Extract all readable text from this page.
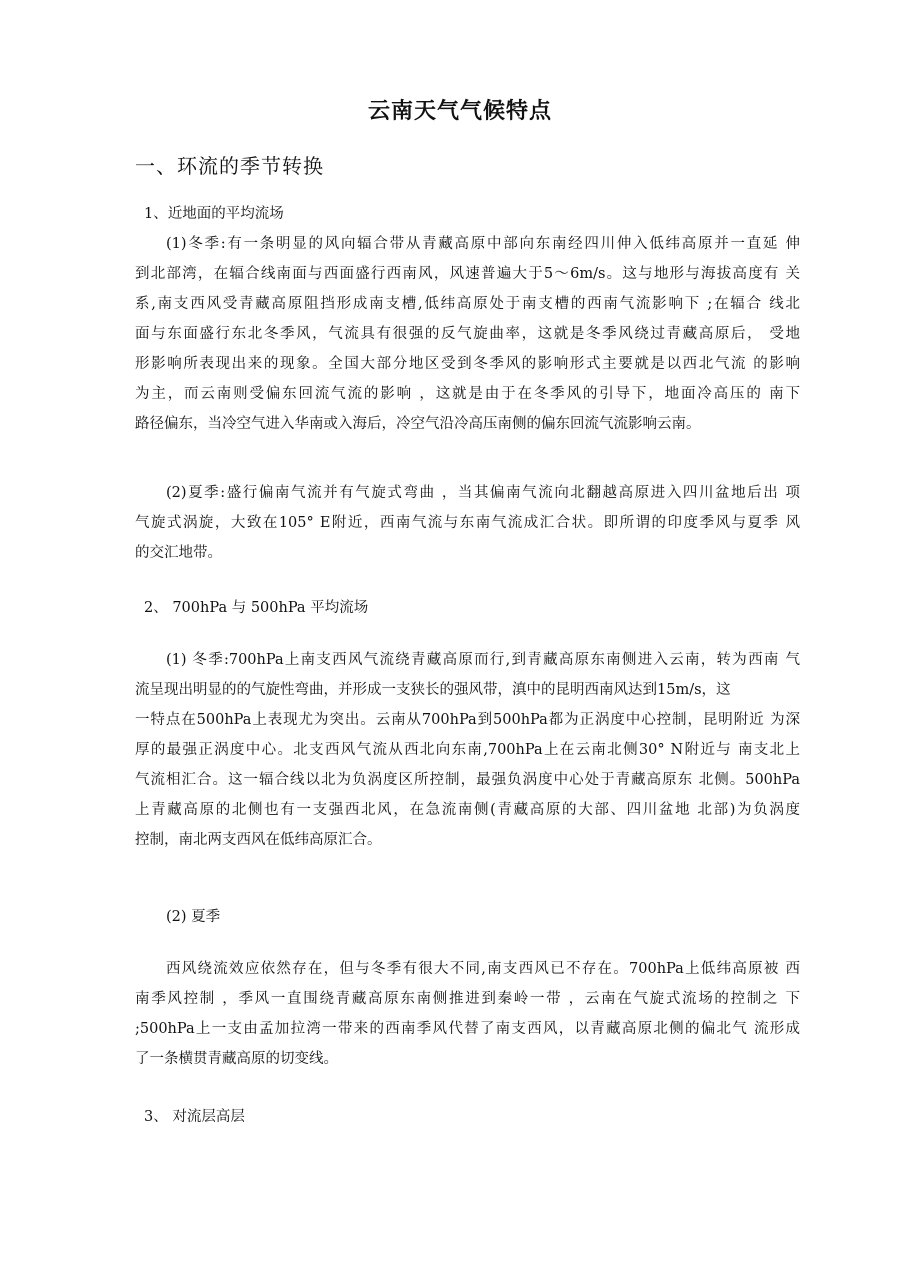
云南天气气候特点
一、环流的季节转换
1、近地面的平均流场
(1)冬季:有一条明显的风向辐合带从青藏高原中部向东南经四川伸入低纬高原并一直延 伸
到北部湾，在辐合线南面与西面盛行西南风，风速普遍大于5〜6m/s。这与地形与海拔高度有 关
系,南支西风受青藏高原阻挡形成南支槽,低纬高原处于南支槽的西南气流影响下 ;在辐合 线北
面与东面盛行东北冬季风，气流具有很强的反气旋曲率，这就是冬季风绕过青藏高原后， 受地
形影响所表现出来的现象。全国大部分地区受到冬季风的影响形式主要就是以西北气流 的影响
为主，而云南则受偏东回流气流的影响 ，这就是由于在冬季风的引导下，地面冷高压的 南下
路径偏东，当冷空气进入华南或入海后，冷空气沿冷高压南侧的偏东回流气流影响云南。
(2)夏季:盛行偏南气流并有气旋式弯曲 ，当其偏南气流向北翻越高原进入四川盆地后出 项
气旋式涡旋，大致在105° E附近，西南气流与东南气流成汇合状。即所谓的印度季风与夏季 风
的交汇地带。
2、 700hPa 与 500hPa 平均流场
(1) 冬季:700hPa上南支西风气流绕青藏高原而行,到青藏高原东南侧进入云南，转为西南 气
流呈现出明显的的气旋性弯曲，并形成一支狭长的强风带，滇中的昆明西南风达到15m/s，这
一特点在500hPa上表现尤为突出。云南从700hPa到500hPa都为正涡度中心控制，昆明附近 为深
厚的最强正涡度中心。北支西风气流从西北向东南,700hPa上在云南北侧30° N附近与 南支北上
气流相汇合。这一辐合线以北为负涡度区所控制，最强负涡度中心处于青藏高原东 北侧。500hPa
上青藏高原的北侧也有一支强西北风，在急流南侧(青藏高原的大部、四川盆地 北部)为负涡度
控制，南北两支西风在低纬高原汇合。
(2) 夏季
西风绕流效应依然存在，但与冬季有很大不同,南支西风已不存在。700hPa上低纬高原被 西
南季风控制 ，季风一直围绕青藏高原东南侧推进到秦岭一带 ，云南在气旋式流场的控制之 下
;500hPa上一支由孟加拉湾一带来的西南季风代替了南支西风，以青藏高原北侧的偏北气 流形成
了一条横贯青藏高原的切变线。
3、 对流层高层
